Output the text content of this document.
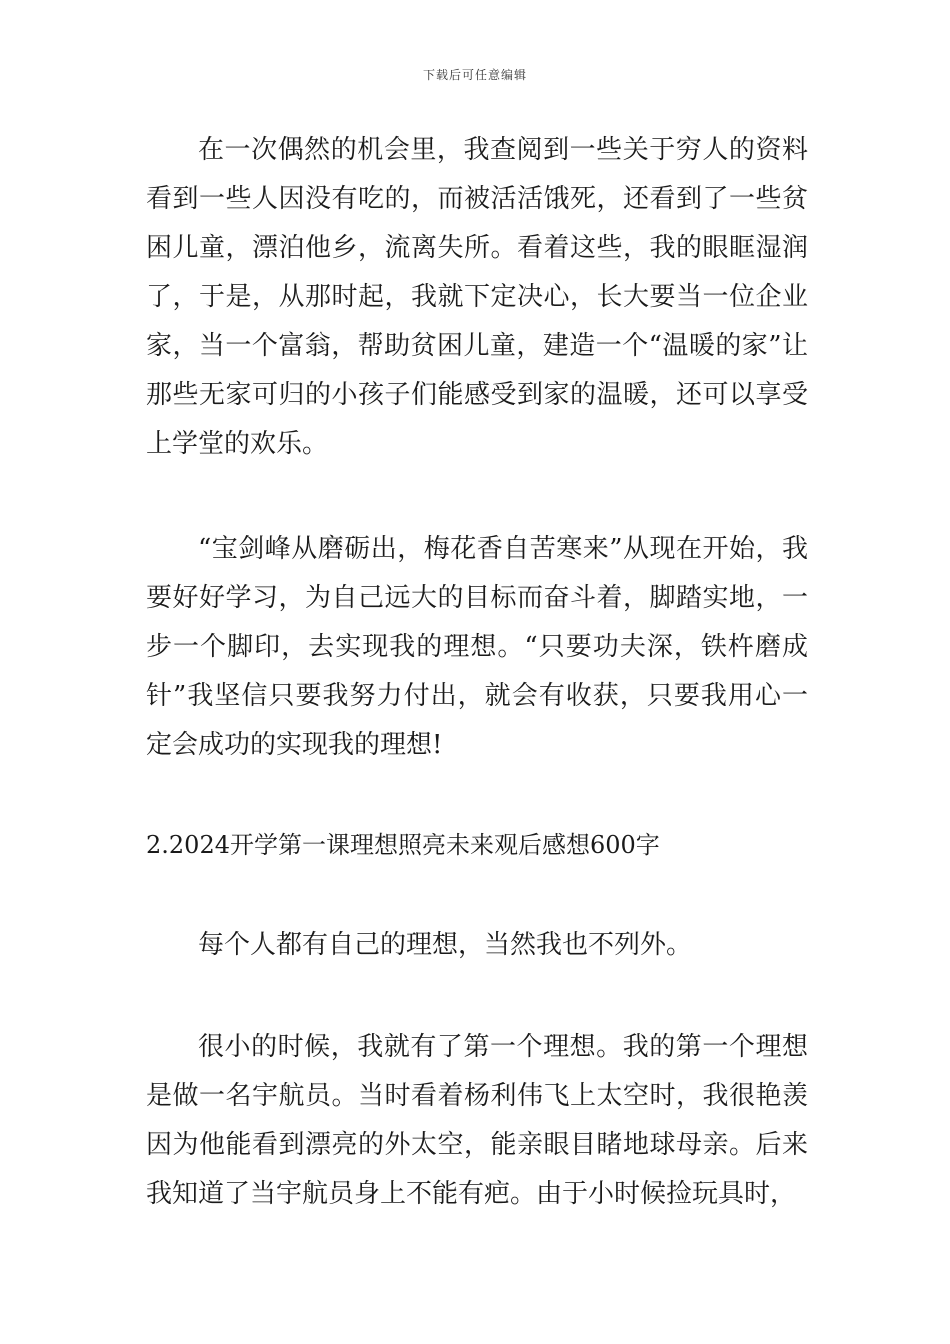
下载后可任意编辑

在一次偶然的机会里，我查阅到一些关于穷人的资料看到一些人因没有吃的，而被活活饿死，还看到了一些贫困儿童，漂泊他乡，流离失所。看着这些，我的眼眶湿润了，于是，从那时起，我就下定决心，长大要当一位企业家，当一个富翁，帮助贫困儿童，建造一个“温暖的家”让那些无家可归的小孩子们能感受到家的温暖，还可以享受上学堂的欢乐。

“宝剑峰从磨砺出，梅花香自苦寒来”从现在开始，我要好好学习，为自己远大的目标而奋斗着，脚踏实地，一步一个脚印，去实现我的理想。“只要功夫深，铁杵磨成针”我坚信只要我努力付出，就会有收获，只要我用心一定会成功的实现我的理想!

2.2024开学第一课理想照亮未来观后感想600字

每个人都有自己的理想，当然我也不列外。

很小的时候，我就有了第一个理想。我的第一个理想是做一名宇航员。当时看着杨利伟飞上太空时，我很艳羡因为他能看到漂亮的外太空，能亲眼目睹地球母亲。后来我知道了当宇航员身上不能有疤。由于小时候捡玩具时，
